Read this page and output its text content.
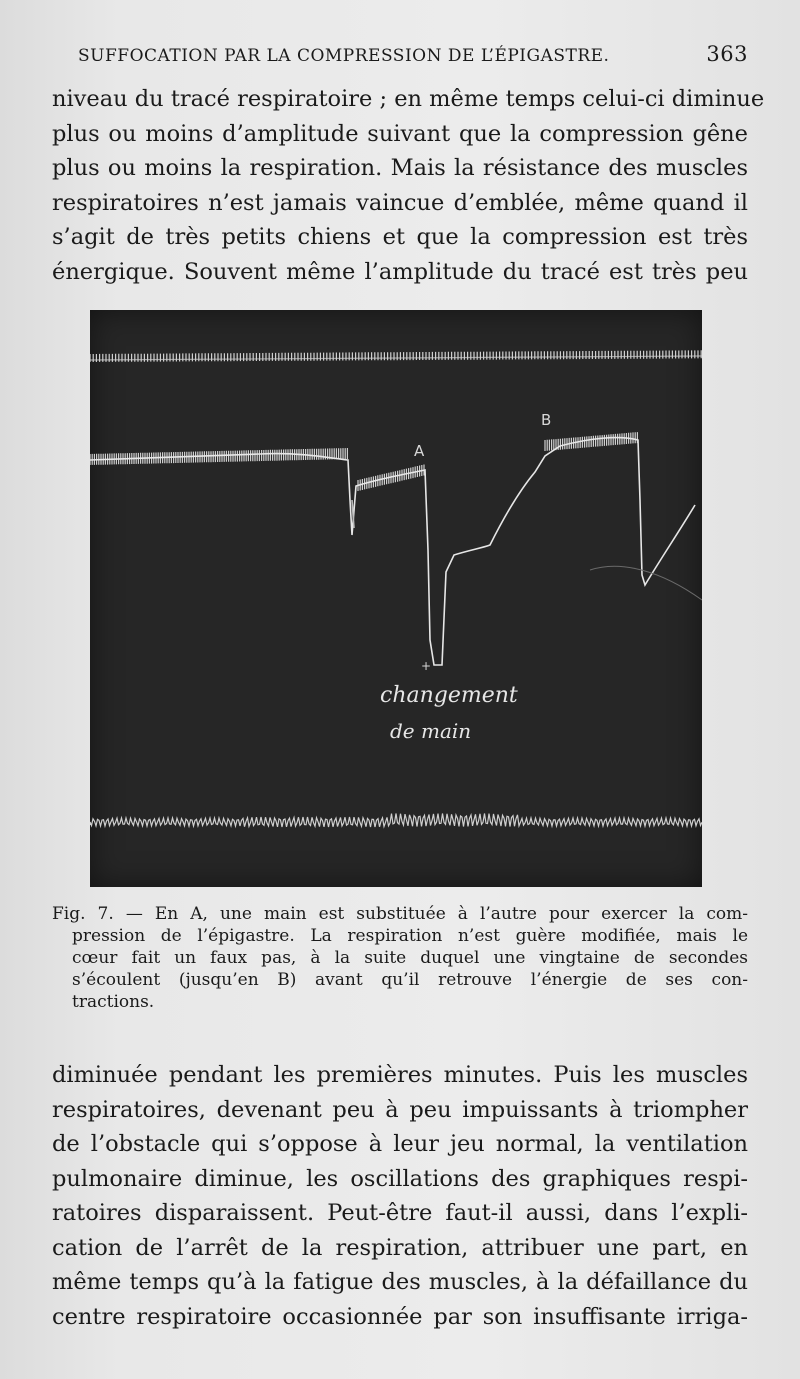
SUFFOCATION PAR LA COMPRESSION DE L’ÉPIGASTRE.	363

niveau du tracé respiratoire ; en même temps celui-ci diminue
plus ou moins d’amplitude suivant que la compression gêne
plus ou moins la respiration. Mais la résistance des muscles
respiratoires n’est jamais vaincue d’emblée, même quand il
s’agit de très petits chiens et que la compression est très
énergique. Souvent même l’amplitude du tracé est très peu

A
B
+
changement
de main
Fig. 7. — En A, une main est substituée à l’autre pour exercer la com-
pression de l’épigastre. La respiration n’est guère modifiée, mais le
cœur fait un faux pas, à la suite duquel une vingtaine de secondes
s’écoulent (jusqu’en B) avant qu’il retrouve l’énergie de ses con-
tractions.

diminuée pendant les premières minutes. Puis les muscles
respiratoires, devenant peu à peu impuissants à triompher
de l’obstacle qui s’oppose à leur jeu normal, la ventilation
pulmonaire diminue, les oscillations des graphiques respi-
ratoires disparaissent. Peut-être faut-il aussi, dans l’expli-
cation de l’arrêt de la respiration, attribuer une part, en
même temps qu’à la fatigue des muscles, à la défaillance du
centre respiratoire occasionnée par son insuffisante irriga-
